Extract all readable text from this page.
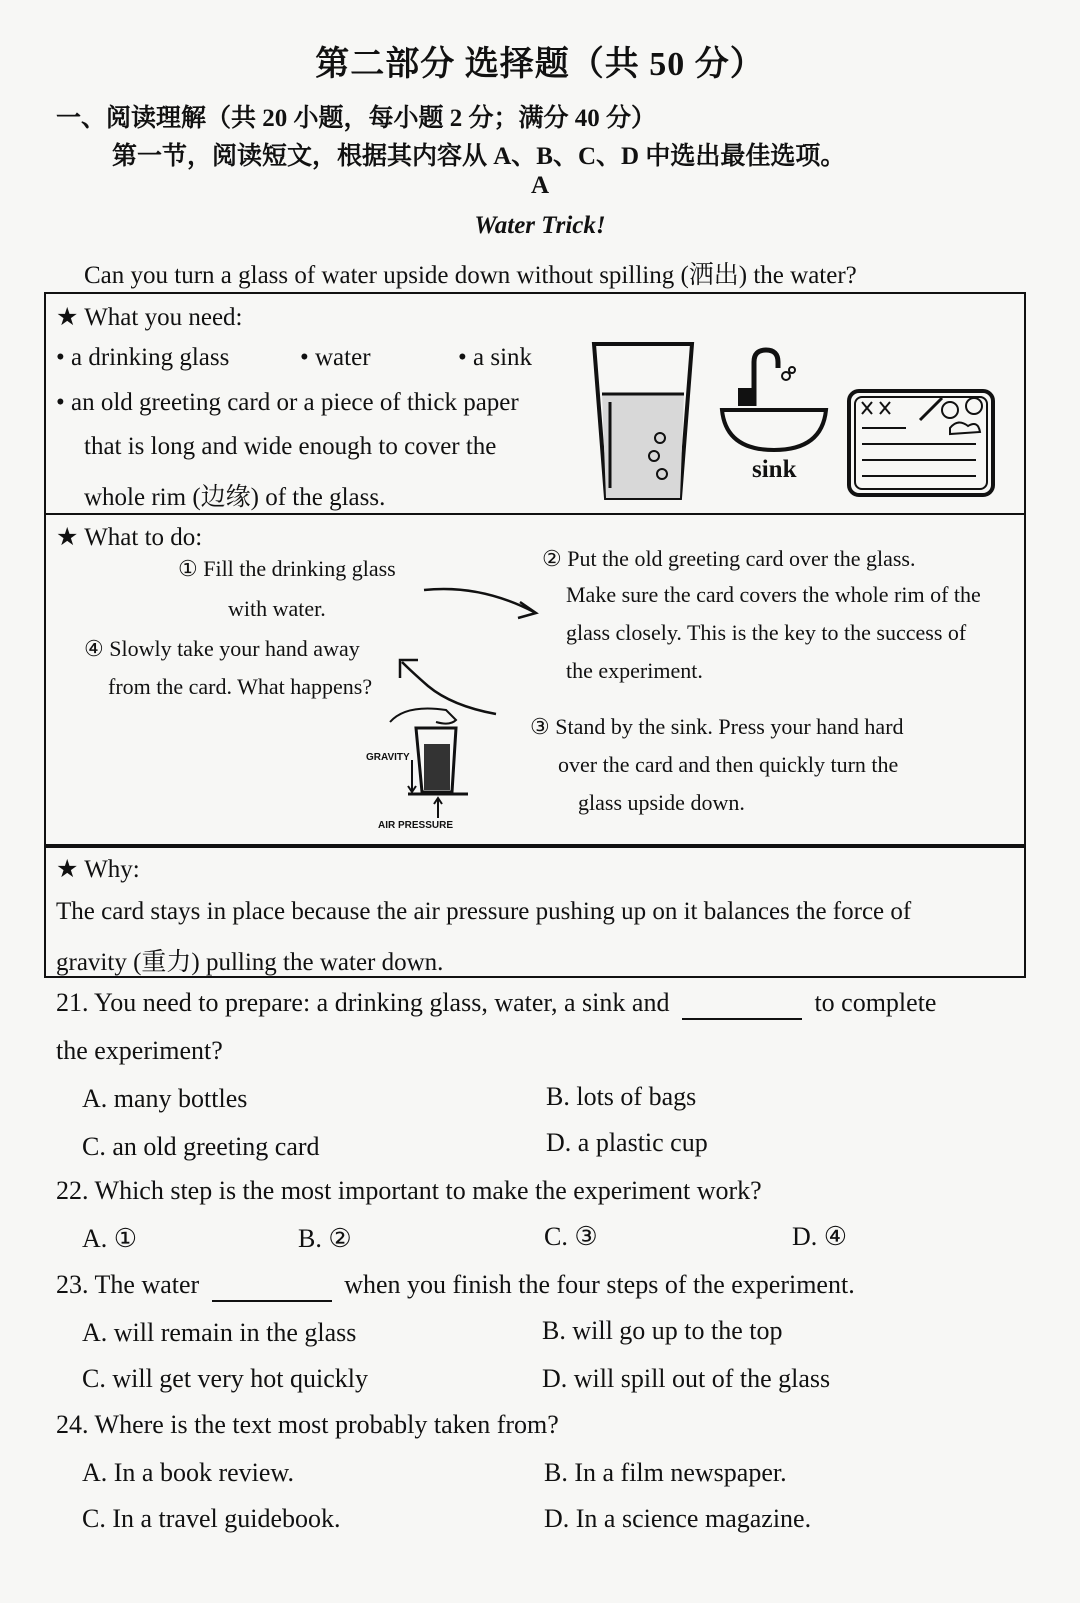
第二部分 选择题（共 50 分）
一、阅读理解（共 20 小题，每小题 2 分；满分 40 分）
第一节，阅读短文，根据其内容从 A、B、C、D 中选出最佳选项。
A
Water Trick!
Can you turn a glass of water upside down without spilling (洒出) the water?
★ What you need:
• a drinking glass	• water	• a sink
• an old greeting card or a piece of thick paper
that is long and wide enough to cover the
whole rim (边缘) of the glass.
sink
★ What to do:
① Fill the drinking glass
with water.
② Put the old greeting card over the glass.
Make sure the card covers the whole rim of the
glass closely. This is the key to the success of
the experiment.
④ Slowly take your hand away
from the card. What happens?
③ Stand by the sink. Press your hand hard
over the card and then quickly turn the
glass upside down.
GRAVITY
AIR PRESSURE
★ Why:
The card stays in place because the air pressure pushing up on it balances the force of
gravity (重力) pulling the water down.
21. You need to prepare: a drinking glass, water, a sink and	to complete
the experiment?
A. many bottles	B. lots of bags
C. an old greeting card	D. a plastic cup
22. Which step is the most important to make the experiment work?
A. ①	B. ②	C. ③	D. ④
23. The water	when you finish the four steps of the experiment.
A. will remain in the glass	B. will go up to the top
C. will get very hot quickly	D. will spill out of the glass
24. Where is the text most probably taken from?
A. In a book review.	B. In a film newspaper.
C. In a travel guidebook.	D. In a science magazine.
